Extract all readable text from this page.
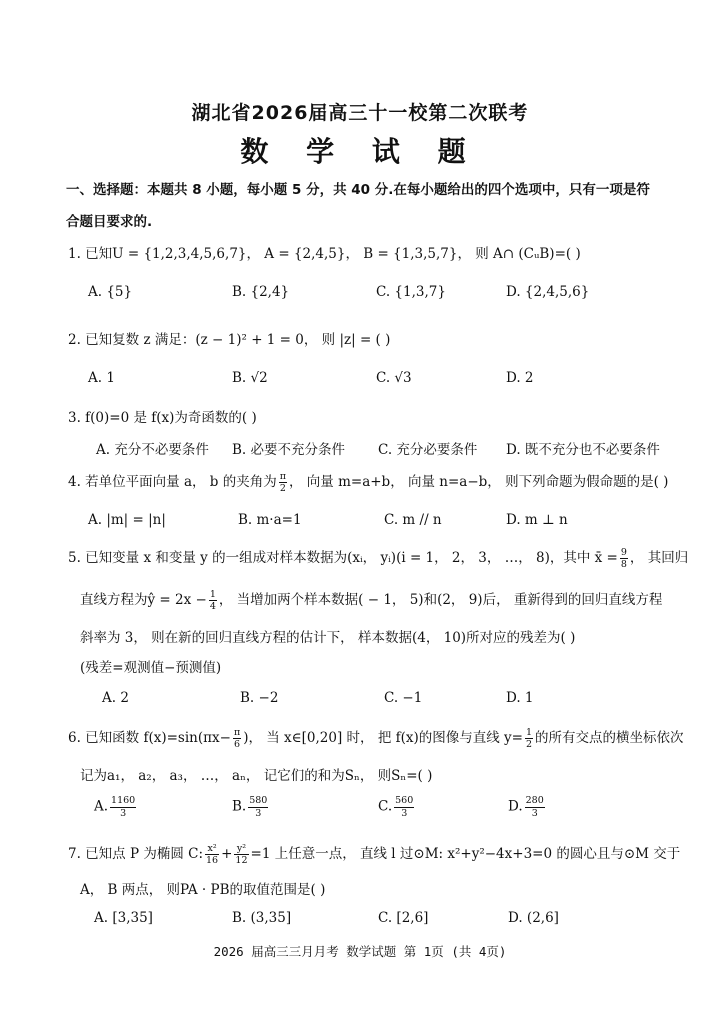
湖北省2026届高三十一校第二次联考
数 学 试 题
一、选择题：本题共 8 小题，每小题 5 分，共 40 分.在每小题给出的四个选项中，只有一项是符
合题目要求的.
1. 已知U = {1,2,3,4,5,6,7}， A = {2,4,5}， B = {1,3,5,7}， 则 A∩ (CᵤB)=( )
A. {5}	B. {2,4}	C. {1,3,7}	D. {2,4,5,6}
2. 已知复数 z 满足：(z − 1)² + 1 = 0， 则 |z| = ( )
A. 1	B. √2	C. √3	D. 2
3. f(0)=0 是 f(x)为奇函数的( )
A. 充分不必要条件 B. 必要不充分条件 C. 充分必要条件 D. 既不充分也不必要条件
4. 若单位平面向量 a， b 的夹角为 $\frac{\pi}{2}$ ， 向量 m=a+b， 向量 n=a−b， 则下列命题为假命题的是( )
A. |m| = |n|	B. m·a=1	C. m // n	D. m ⊥ n
5. 已知变量 x 和变量 y 的一组成对样本数据为(xᵢ， yᵢ)(i = 1， 2， 3， …， 8)，其中 x̄ = $\frac{9}{8}$ ， 其回归
直线方程为ŷ = $2x - \frac{1}{4}$ ， 当增加两个样本数据( − 1， 5)和(2， 9)后， 重新得到的回归直线方程
斜率为 3， 则在新的回归直线方程的估计下， 样本数据(4， 10)所对应的残差为( )
(残差=观测值−预测值)
A. 2	B. −2	C. −1	D. 1
6. 已知函数 $f(x)=\sin(\pi x- \frac{\pi}{6}$ )， 当 x∈[0,20] 时， 把 f(x)的图像与直线 $y= \frac{1}{2}$ 的所有交点的横坐标依次
记为a₁， a₂， a₃， …， aₙ， 记它们的和为Sₙ， 则Sₙ=( )
A. $\frac{1160}{3}$	B. $\frac{580}{3}$	C. $\frac{560}{3}$	D. $\frac{280}{3}$
7. 已知点 P 为椭圆 C: $\frac{\text{x²}}{16} + \frac{\text{y²}}{12} =1$ 上任意一点， 直线 l 过⊙M: x²+y²−4x+3=0 的圆心且与⊙M 交于
A， B 两点， 则PA · PB的取值范围是( )
A. [3,35]	B. (3,35]	C. [2,6]	D. (2,6]
2026 届高三三月月考 数学试题 第 1页 (共 4页)
